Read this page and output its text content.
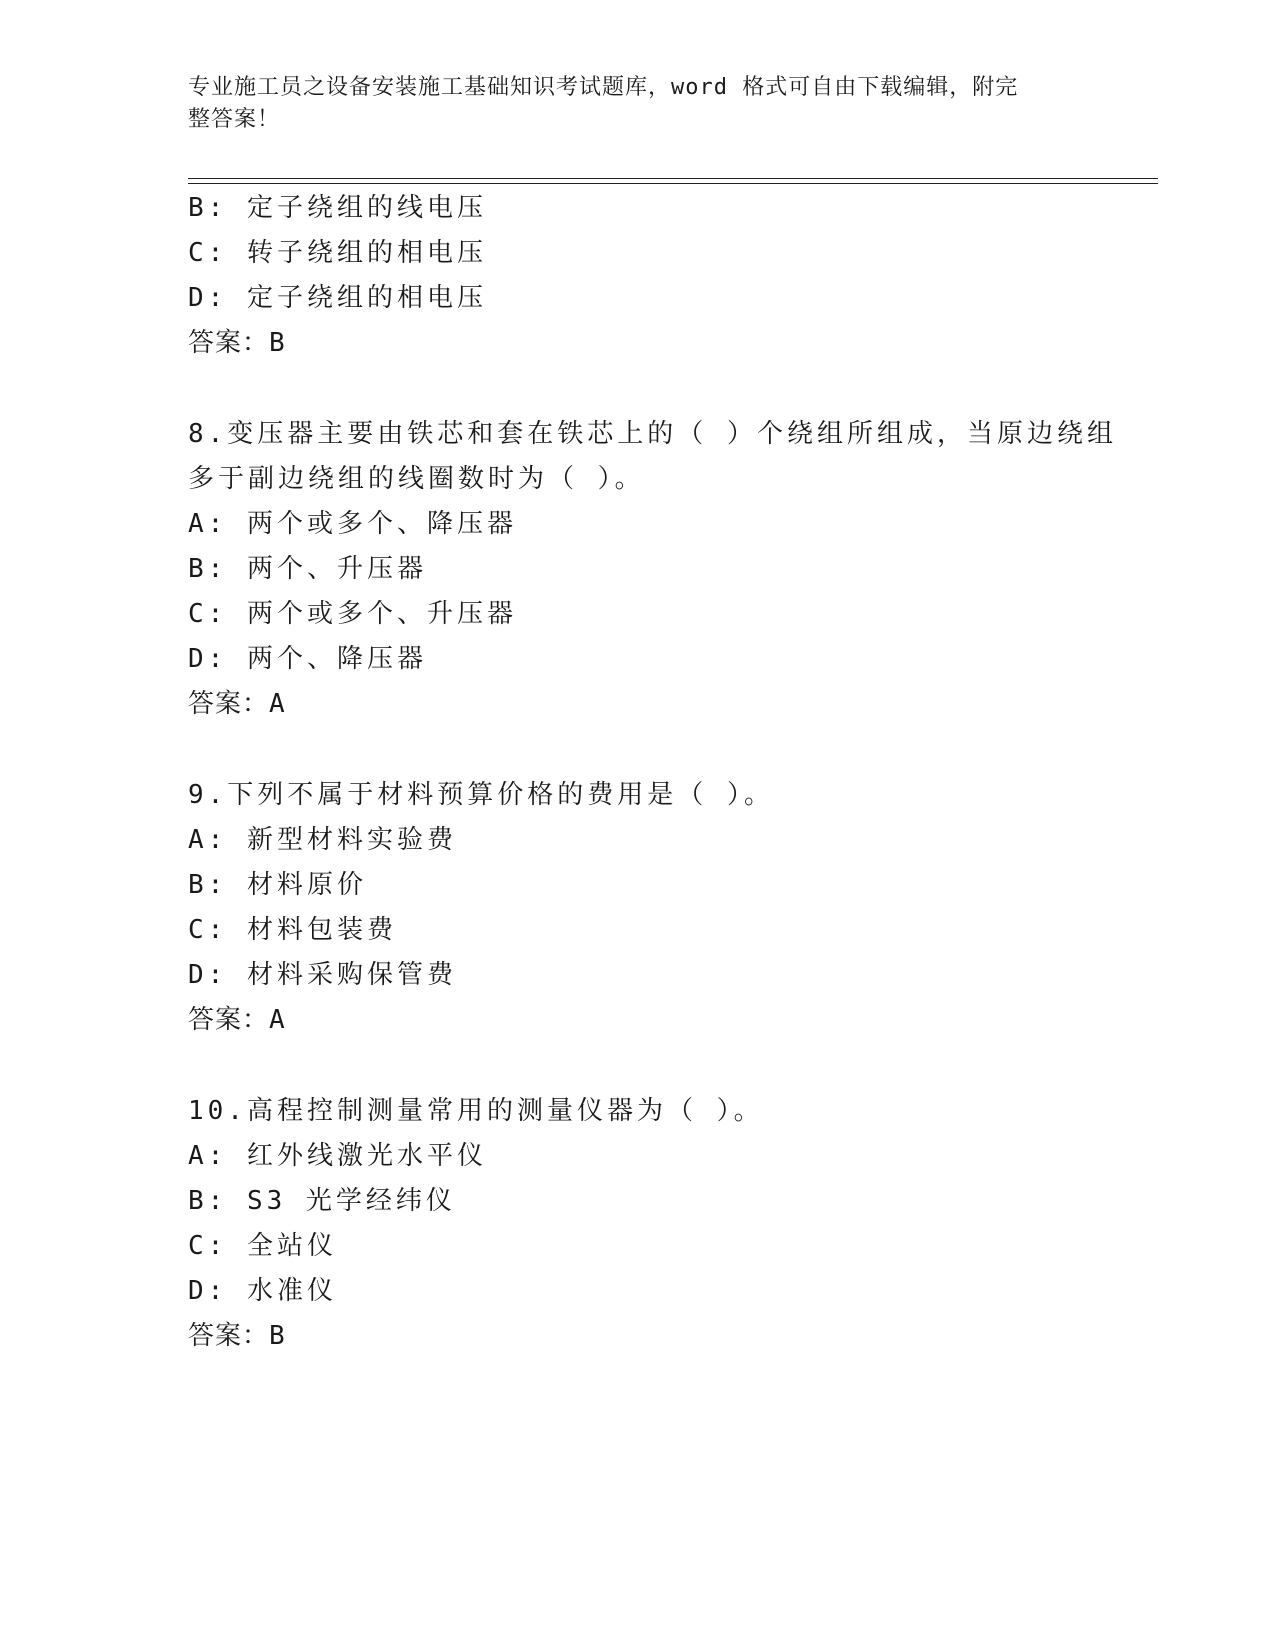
专业施工员之设备安装施工基础知识考试题库，word 格式可自由下载编辑，附完
整答案！
B: 定子绕组的线电压
C: 转子绕组的相电压
D: 定子绕组的相电压
答案：B
8.变压器主要由铁芯和套在铁芯上的（ ）个绕组所组成，当原边绕组
多于副边绕组的线圈数时为（ ）。
A: 两个或多个、降压器
B: 两个、升压器
C: 两个或多个、升压器
D: 两个、降压器
答案：A
9.下列不属于材料预算价格的费用是（ ）。
A: 新型材料实验费
B: 材料原价
C: 材料包装费
D: 材料采购保管费
答案：A
10.高程控制测量常用的测量仪器为（ ）。
A: 红外线激光水平仪
B: S3 光学经纬仪
C: 全站仪
D: 水准仪
答案：B
